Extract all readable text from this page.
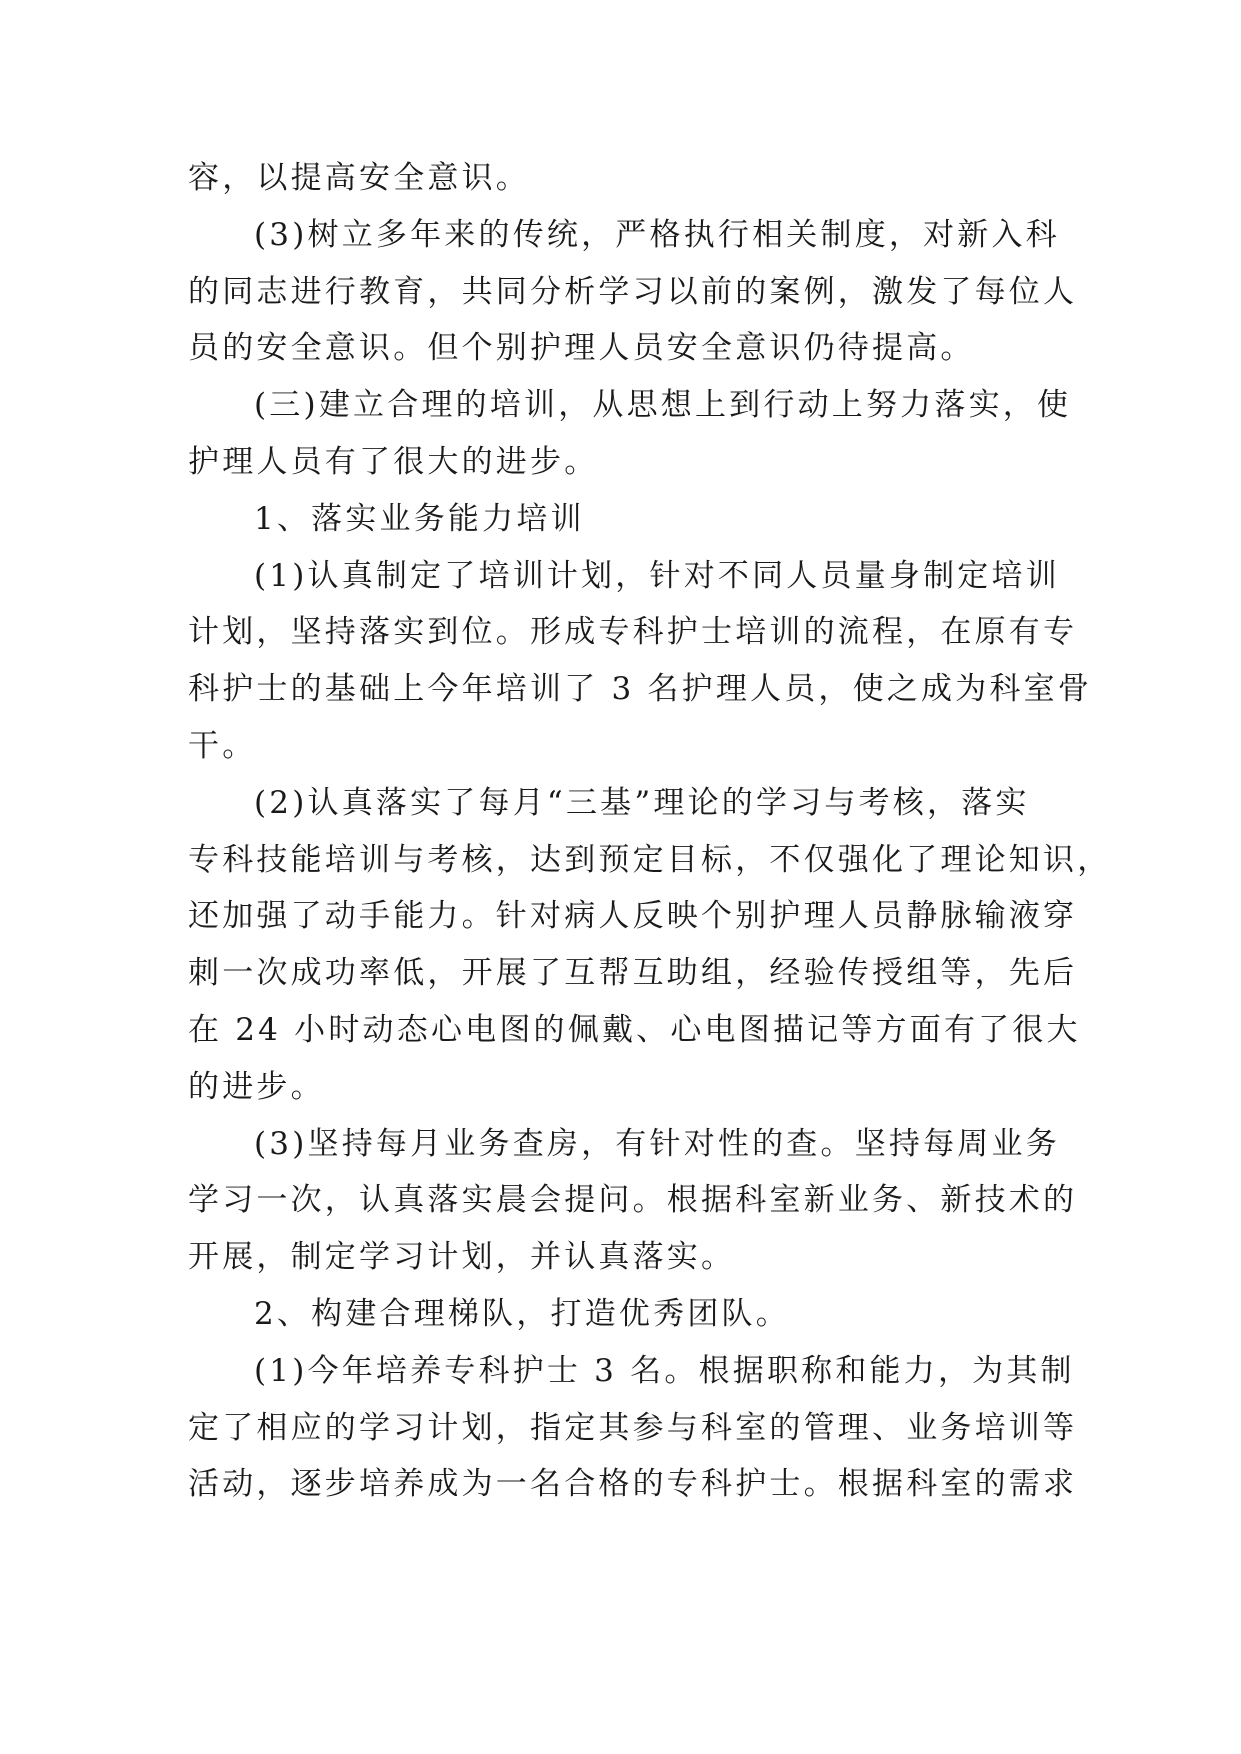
容，以提高安全意识。

(3)树立多年来的传统，严格执行相关制度，对新入科
的同志进行教育，共同分析学习以前的案例，激发了每位人
员的安全意识。但个别护理人员安全意识仍待提高。

(三)建立合理的培训，从思想上到行动上努力落实，使
护理人员有了很大的进步。

1、落实业务能力培训

(1)认真制定了培训计划，针对不同人员量身制定培训
计划，坚持落实到位。形成专科护士培训的流程，在原有专
科护士的基础上今年培训了 3 名护理人员，使之成为科室骨
干。

(2)认真落实了每月“三基”理论的学习与考核，落实
专科技能培训与考核，达到预定目标，不仅强化了理论知识，
还加强了动手能力。针对病人反映个别护理人员静脉输液穿
刺一次成功率低，开展了互帮互助组，经验传授组等，先后
在 24 小时动态心电图的佩戴、心电图描记等方面有了很大
的进步。

(3)坚持每月业务查房，有针对性的查。坚持每周业务
学习一次，认真落实晨会提问。根据科室新业务、新技术的
开展，制定学习计划，并认真落实。

2、构建合理梯队，打造优秀团队。

(1)今年培养专科护士 3 名。根据职称和能力，为其制
定了相应的学习计划，指定其参与科室的管理、业务培训等
活动，逐步培养成为一名合格的专科护士。根据科室的需求
